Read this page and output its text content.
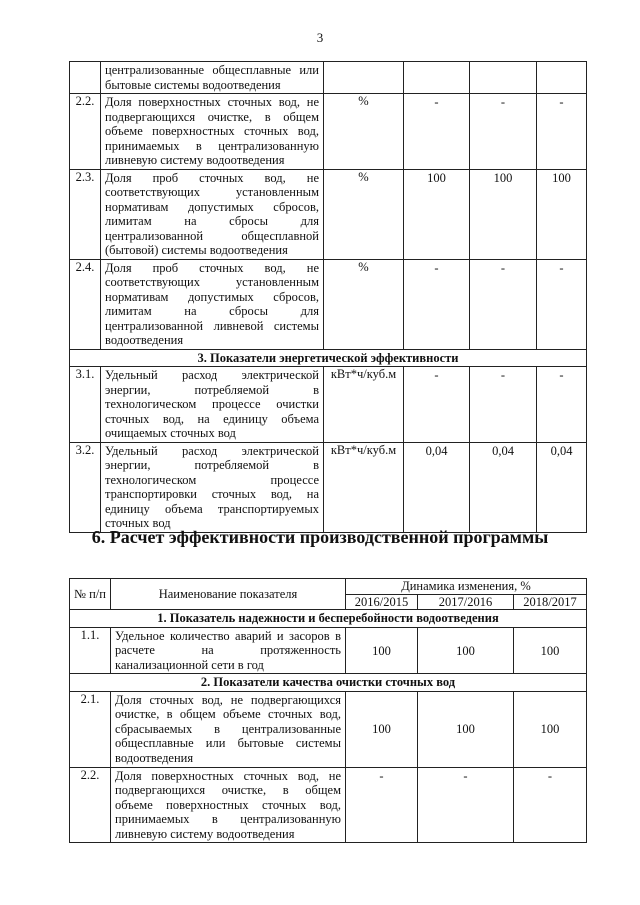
3
	централизованные общесплавные или бытовые системы водоотведения				
2.2.	Доля поверхностных сточных вод, не подвергающихся очистке, в общем объеме поверхностных сточных вод, принимаемых в централизованную ливневую систему водоотведения	%	-	-	-
2.3.	Доля проб сточных вод, не соответствующих установленным нормативам допустимых сбросов, лимитам на сбросы для централизованной общесплавной (бытовой) системы водоотведения	%	100	100	100
2.4.	Доля проб сточных вод, не соответствующих установленным нормативам допустимых сбросов, лимитам на сбросы для централизованной ливневой системы водоотведения	%	-	-	-
3. Показатели энергетической эффективности					
3.1.	Удельный расход электрической энергии, потребляемой в технологическом процессе очистки сточных вод, на единицу объема очищаемых сточных вод	кВт*ч/куб.м	-	-	-
3.2.	Удельный расход электрической энергии, потребляемой в технологическом процессе транспортировки сточных вод, на единицу объема транспортируемых сточных вод	кВт*ч/куб.м	0,04	0,04	0,04
6. Расчет эффективности производственной программы
№ п/п	Наименование показателя	Динамика изменения, %		
		2016/2015	2017/2016	2018/2017
1. Показатель надежности и бесперебойности водоотведения				
1.1.	Удельное количество аварий и засоров в расчете на протяженность канализационной сети в год	100	100	100
2. Показатели качества очистки сточных вод				
2.1.	Доля сточных вод, не подвергающихся очистке, в общем объеме сточных вод, сбрасываемых в централизованные общесплавные или бытовые системы водоотведения	100	100	100
2.2.	Доля поверхностных сточных вод, не подвергающихся очистке, в общем объеме поверхностных сточных вод, принимаемых в централизованную ливневую систему водоотведения	-	-	-
